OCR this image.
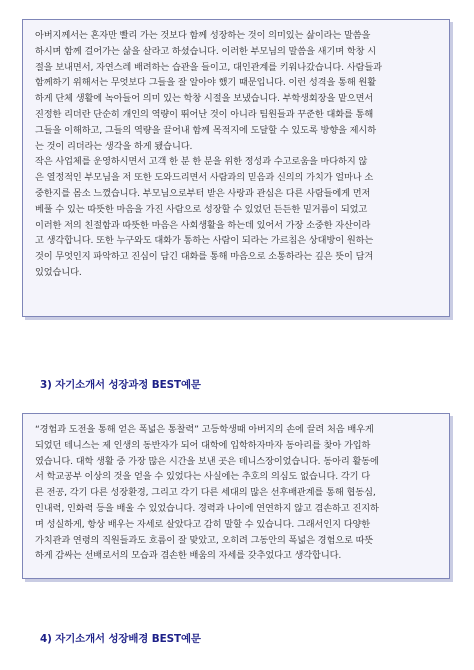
아버지께서는 혼자만 빨리 가는 것보다 함께 성장하는 것이 의미있는 삶이라는 말씀을
하시며 함께 걸어가는 삶을 살라고 하셨습니다. 이러한 부모님의 말씀을 새기며 학창 시
절을 보내면서, 자연스레 배려하는 습관을 들이고, 대인관계를 키워나갔습니다. 사람들과
함께하기 위해서는 무엇보다 그들을 잘 알아야 했기 때문입니다. 이런 성격을 통해 원활
하게 단체 생활에 녹아들어 의미 있는 학창 시절을 보냈습니다. 부학생회장을 맡으면서
진정한 리더란 단순히 개인의 역량이 뛰어난 것이 아니라 팀원들과 꾸준한 대화를 통해
그들을 이해하고, 그들의 역량을 끌어내 함께 목적지에 도달할 수 있도록 방향을 제시하
는 것이 리더라는 생각을 하게 됐습니다.
작은 사업체를 운영하시면서 고객 한 분 한 분을 위한 정성과 수고로움을 마다하지 않
은 열정적인 부모님을 저 또한 도와드리면서 사람과의 믿음과 신의의 가치가 얼마나 소
중한지를 몸소 느꼈습니다. 부모님으로부터 받은 사랑과 관심은 다른 사람들에게 먼저
베풀 수 있는 따뜻한 마음을 가진 사람으로 성장할 수 있었던 든든한 밑거름이 되었고
이러한 저의 친절함과 따뜻한 마음은 사회생활을 하는데 있어서 가장 소중한 자산이라
고 생각합니다. 또한 누구와도 대화가 통하는 사람이 되라는 가르침은 상대방이 원하는
것이 무엇인지 파악하고 진심이 담긴 대화를 통해 마음으로 소통하라는 깊은 뜻이 담겨
있었습니다.

3) 자기소개서 성장과정 BEST예문

“경험과 도전을 통해 얻은 폭넓은 통찰력” 고등학생때 아버지의 손에 끌려 처음 배우게
되었던 테니스는 제 인생의 동반자가 되어 대학에 입학하자마자 동아리를 찾아 가입하
였습니다. 대학 생활 중 가장 많은 시간을 보낸 곳은 테니스장이었습니다. 동아리 활동에
서 학교공부 이상의 것을 얻을 수 있었다는 사실에는 추호의 의심도 없습니다. 각기 다
른 전공, 각기 다른 성장환경, 그리고 각기 다른 세대의 많은 선후배관계를 통해 협동심,
인내력, 인화력 등을 배울 수 있었습니다. 경력과 나이에 연연하지 않고 겸손하고 진지하
며 성실하게, 항상 배우는 자세로 살았다고 감히 말할 수 있습니다. 그래서인지 다양한
가치관과 연령의 직원들과도 흐름이 잘 맞았고, 오히려 그동안의 폭넓은 경험으로 따뜻
하게 감싸는 선배로서의 모습과 겸손한 배움의 자세를 갖추었다고 생각합니다.

4) 자기소개서 성장배경 BEST예문
